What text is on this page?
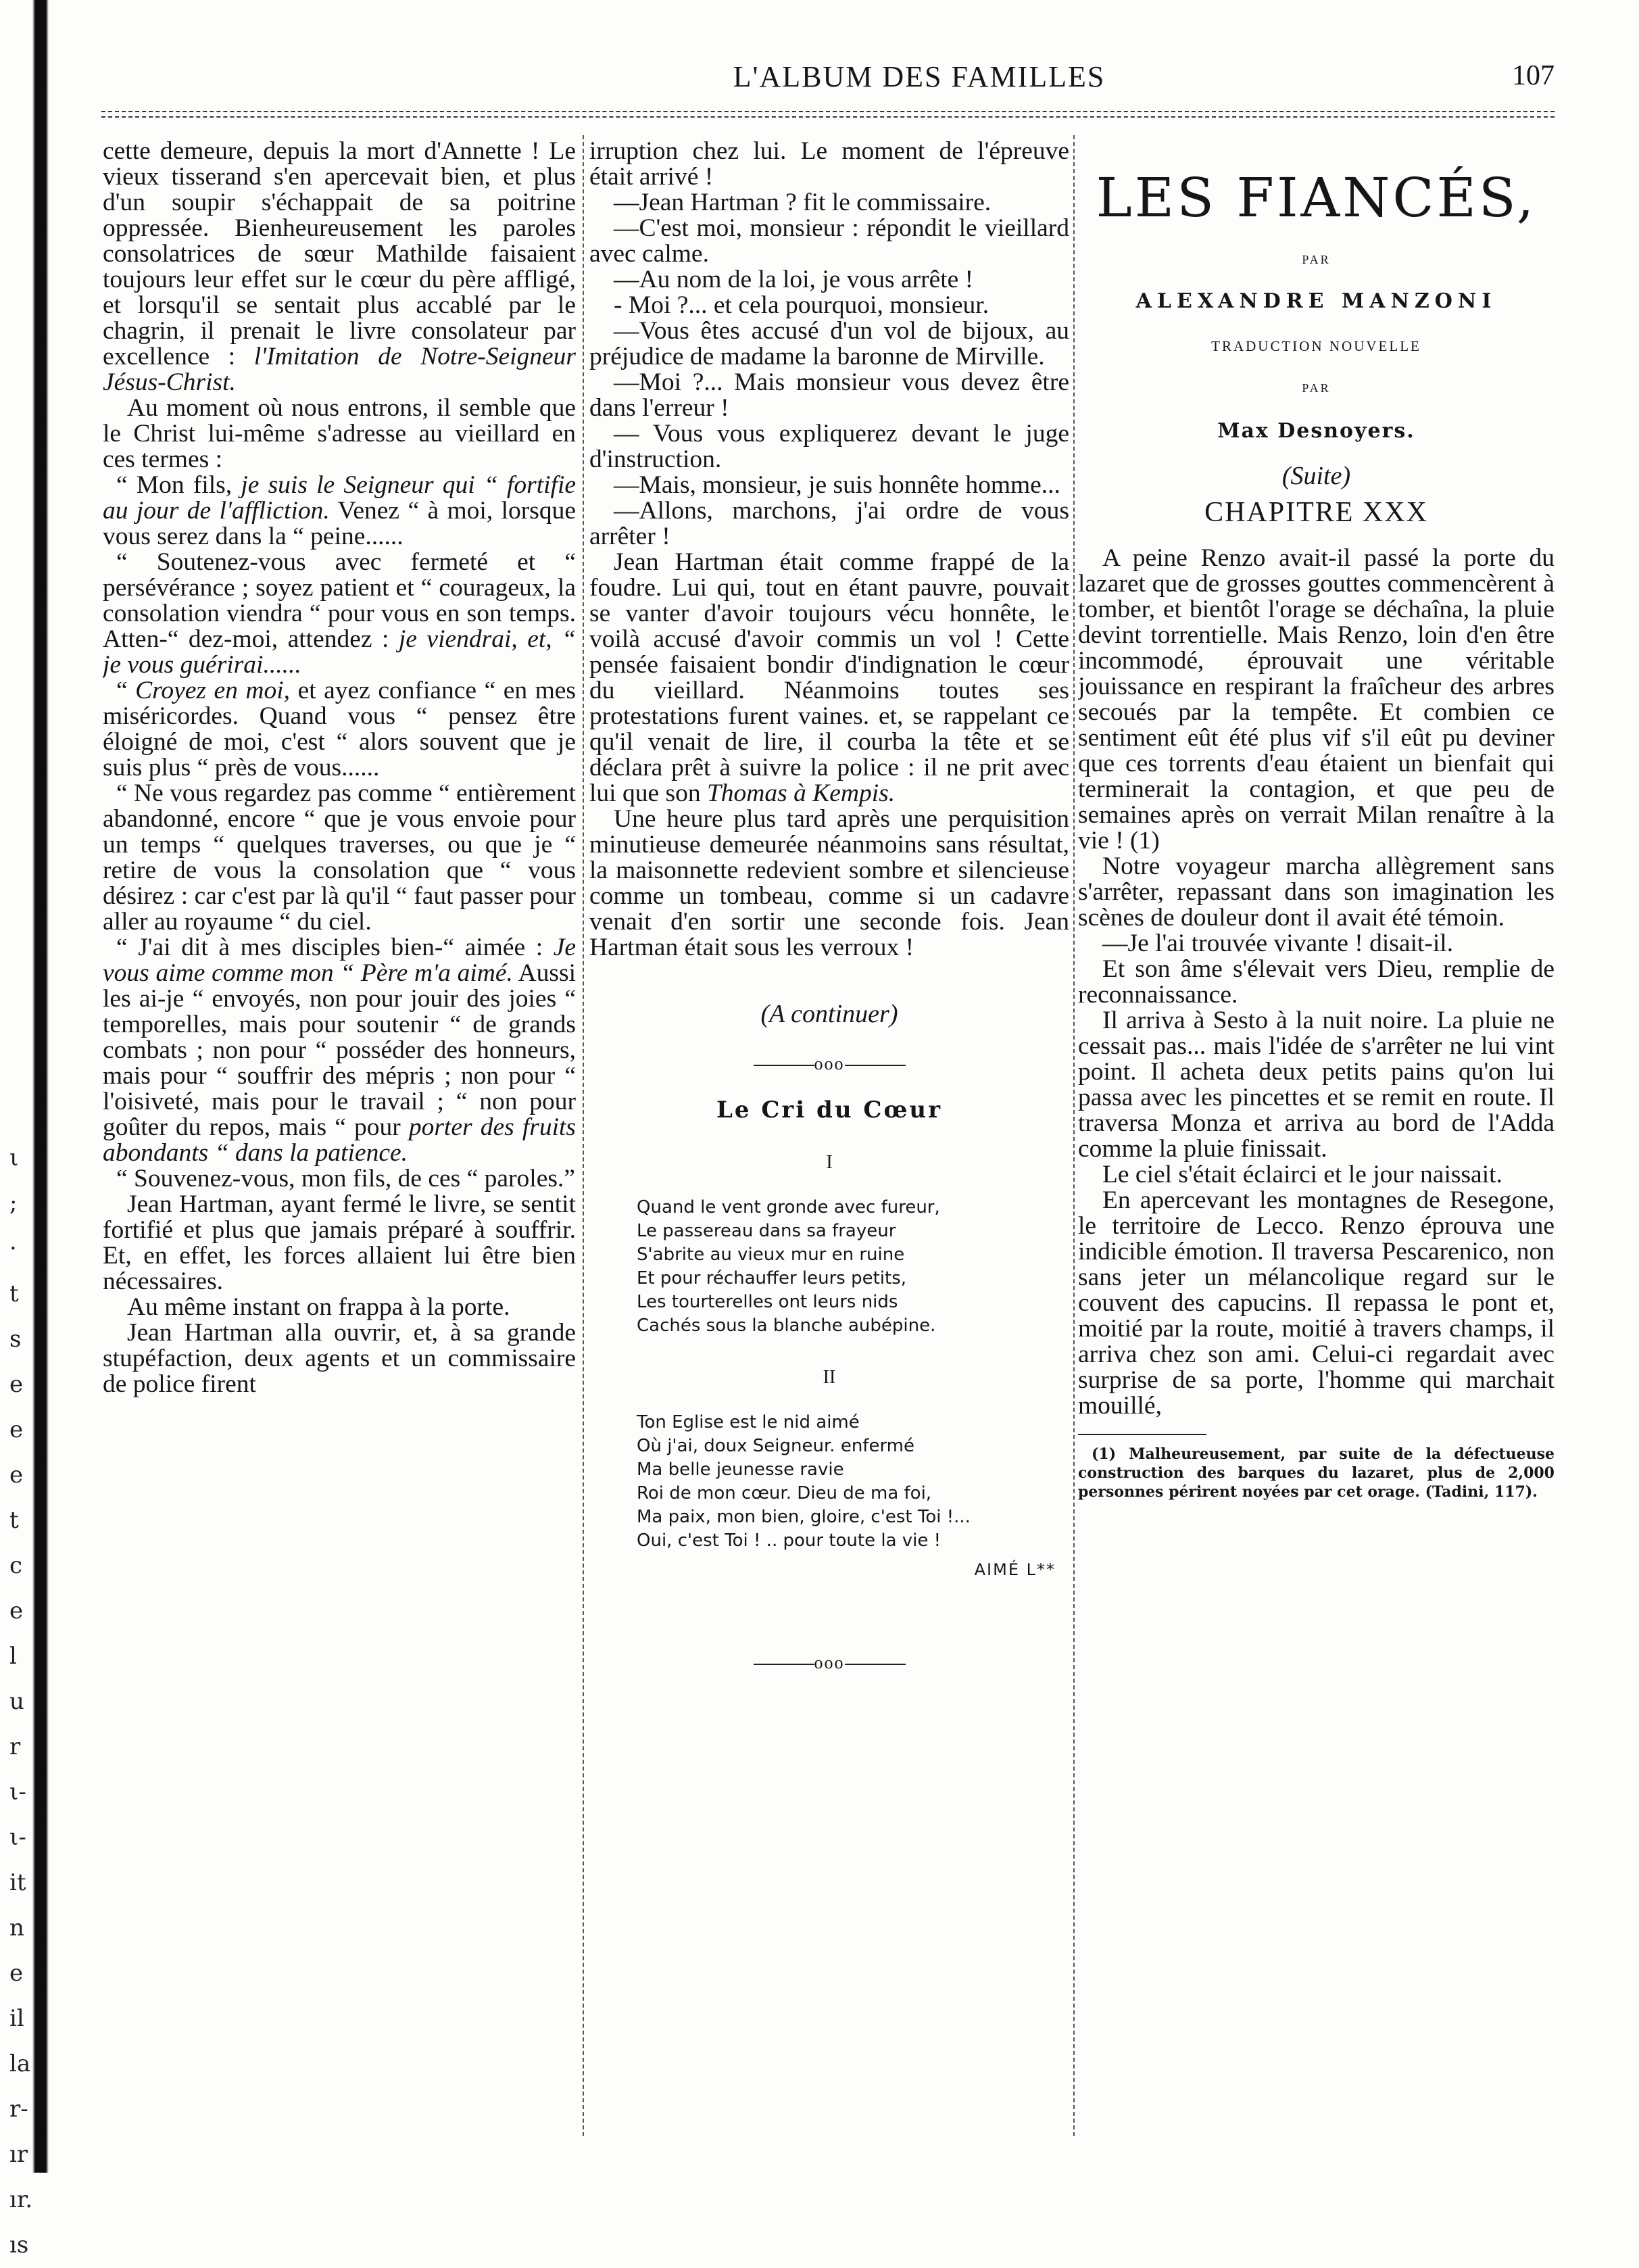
ι
;
·
t
s
e
e
e
t
c
e
l
u
r
ι-
ι-
it
n
e
il
la
r-
ır
ır.
ıs
L'ALBUM DES FAMILLES	107

cette demeure, depuis la mort d'Annette ! Le vieux tisserand s'en apercevait bien, et plus d'un soupir s'échappait de sa poitrine oppressée. Bienheureusement les paroles consolatrices de sœur Mathilde faisaient toujours leur effet sur le cœur du père affligé, et lorsqu'il se sentait plus accablé par le chagrin, il prenait le livre consolateur par excellence : l'Imitation de Notre-Seigneur Jésus-Christ.

Au moment où nous entrons, il semble que le Christ lui-même s'adresse au vieillard en ces termes :

“ Mon fils, je suis le Seigneur qui “ fortifie au jour de l'affliction. Venez “ à moi, lorsque vous serez dans la “ peine......

“ Soutenez-vous avec fermeté et “ persévérance ; soyez patient et “ courageux, la consolation viendra “ pour vous en son temps. Atten-“ dez-moi, attendez : je viendrai, et, “ je vous guérirai......

“ Croyez en moi, et ayez confiance “ en mes miséricordes. Quand vous “ pensez être éloigné de moi, c'est “ alors souvent que je suis plus “ près de vous......

“ Ne vous regardez pas comme “ entièrement abandonné, encore “ que je vous envoie pour un temps “ quelques traverses, ou que je “ retire de vous la consolation que “ vous désirez : car c'est par là qu'il “ faut passer pour aller au royaume “ du ciel.

“ J'ai dit à mes disciples bien-“ aimée : Je vous aime comme mon “ Père m'a aimé. Aussi les ai-je “ envoyés, non pour jouir des joies “ temporelles, mais pour soutenir “ de grands combats ; non pour “ posséder des honneurs, mais pour “ souffrir des mépris ; non pour “ l'oisiveté, mais pour le travail ; “ non pour goûter du repos, mais “ pour porter des fruits abondants “ dans la patience.

“ Souvenez-vous, mon fils, de ces “ paroles.”

Jean Hartman, ayant fermé le livre, se sentit fortifié et plus que jamais préparé à souffrir. Et, en effet, les forces allaient lui être bien nécessaires.

Au même instant on frappa à la porte.

Jean Hartman alla ouvrir, et, à sa grande stupéfaction, deux agents et un commissaire de police firent

irruption chez lui. Le moment de l'épreuve était arrivé !

—Jean Hartman ? fit le commissaire.

—C'est moi, monsieur : répondit le vieillard avec calme.

—Au nom de la loi, je vous arrête !

- Moi ?... et cela pourquoi, monsieur.

—Vous êtes accusé d'un vol de bijoux, au préjudice de madame la baronne de Mirville.

—Moi ?... Mais monsieur vous devez être dans l'erreur !

— Vous vous expliquerez devant le juge d'instruction.

—Mais, monsieur, je suis honnête homme...

—Allons, marchons, j'ai ordre de vous arrêter !

Jean Hartman était comme frappé de la foudre. Lui qui, tout en étant pauvre, pouvait se vanter d'avoir toujours vécu honnête, le voilà accusé d'avoir commis un vol ! Cette pensée faisaient bondir d'indignation le cœur du vieillard. Néanmoins toutes ses protestations furent vaines. et, se rappelant ce qu'il venait de lire, il courba la tête et se déclara prêt à suivre la police : il ne prit avec lui que son Thomas à Kempis.

Une heure plus tard après une perquisition minutieuse demeurée néanmoins sans résultat, la maisonnette redevient sombre et silencieuse comme un tombeau, comme si un cadavre venait d'en sortir une seconde fois. Jean Hartman était sous les verroux !

(A continuer)
ooo
Le Cri du Cœur
I
Quand le vent gronde avec fureur,
Le passereau dans sa frayeur
S'abrite au vieux mur en ruine
Et pour réchauffer leurs petits,
Les tourterelles ont leurs nids
Cachés sous la blanche aubépine.
II
Ton Eglise est le nid aimé
Où j'ai, doux Seigneur. enfermé
Ma belle jeunesse ravie
Roi de mon cœur. Dieu de ma foi,
Ma paix, mon bien, gloire, c'est Toi !...
Oui, c'est Toi ! .. pour toute la vie !
AIMÉ L**
ooo
LES FIANCÉS,
PAR
ALEXANDRE MANZONI
TRADUCTION NOUVELLE
PAR
Max Desnoyers.
(Suite)
CHAPITRE XXX

A peine Renzo avait-il passé la porte du lazaret que de grosses gouttes commencèrent à tomber, et bientôt l'orage se déchaîna, la pluie devint torrentielle. Mais Renzo, loin d'en être incommodé, éprouvait une véritable jouissance en respirant la fraîcheur des arbres secoués par la tempête. Et combien ce sentiment eût été plus vif s'il eût pu deviner que ces torrents d'eau étaient un bienfait qui terminerait la contagion, et que peu de semaines après on verrait Milan renaître à la vie ! (1)

Notre voyageur marcha allègrement sans s'arrêter, repassant dans son imagination les scènes de douleur dont il avait été témoin.

—Je l'ai trouvée vivante ! disait-il.

Et son âme s'élevait vers Dieu, remplie de reconnaissance.

Il arriva à Sesto à la nuit noire. La pluie ne cessait pas... mais l'idée de s'arrêter ne lui vint point. Il acheta deux petits pains qu'on lui passa avec les pincettes et se remit en route. Il traversa Monza et arriva au bord de l'Adda comme la pluie finissait.

Le ciel s'était éclairci et le jour naissait.

En apercevant les montagnes de Resegone, le territoire de Lecco. Renzo éprouva une indicible émotion. Il traversa Pescarenico, non sans jeter un mélancolique regard sur le couvent des capucins. Il repassa le pont et, moitié par la route, moitié à travers champs, il arriva chez son ami. Celui-ci regardait avec surprise de sa porte, l'homme qui marchait mouillé,

(1) Malheureusement, par suite de la défectueuse construction des barques du lazaret, plus de 2,000 personnes périrent noyées par cet orage. (Tadini, 117).
